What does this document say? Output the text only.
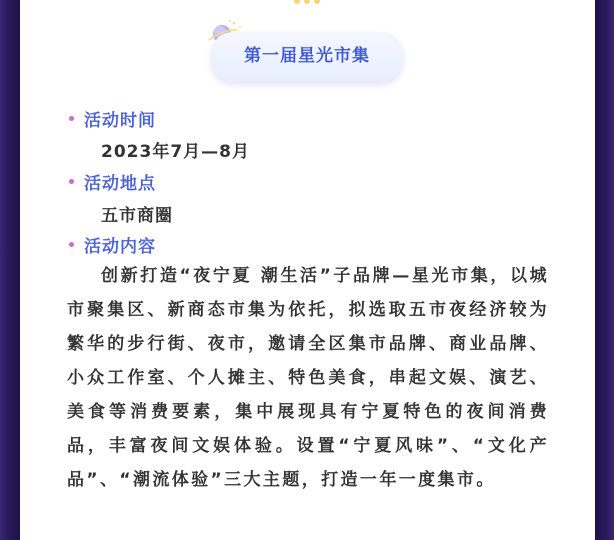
第一届星光市集
活动时间
2023年7月—8月
活动地点
五市商圈
活动内容
创新打造“夜宁夏 潮生活”子品牌—星光市集，以城市聚集区、新商态市集为依托，拟选取五市夜经济较为繁华的步行街、夜市，邀请全区集市品牌、商业品牌、小众工作室、个人摊主、特色美食，串起文娱、演艺、美食等消费要素，集中展现具有宁夏特色的夜间消费品，丰富夜间文娱体验。设置“宁夏风味”、“文化产品”、“潮流体验”三大主题，打造一年一度集市。
